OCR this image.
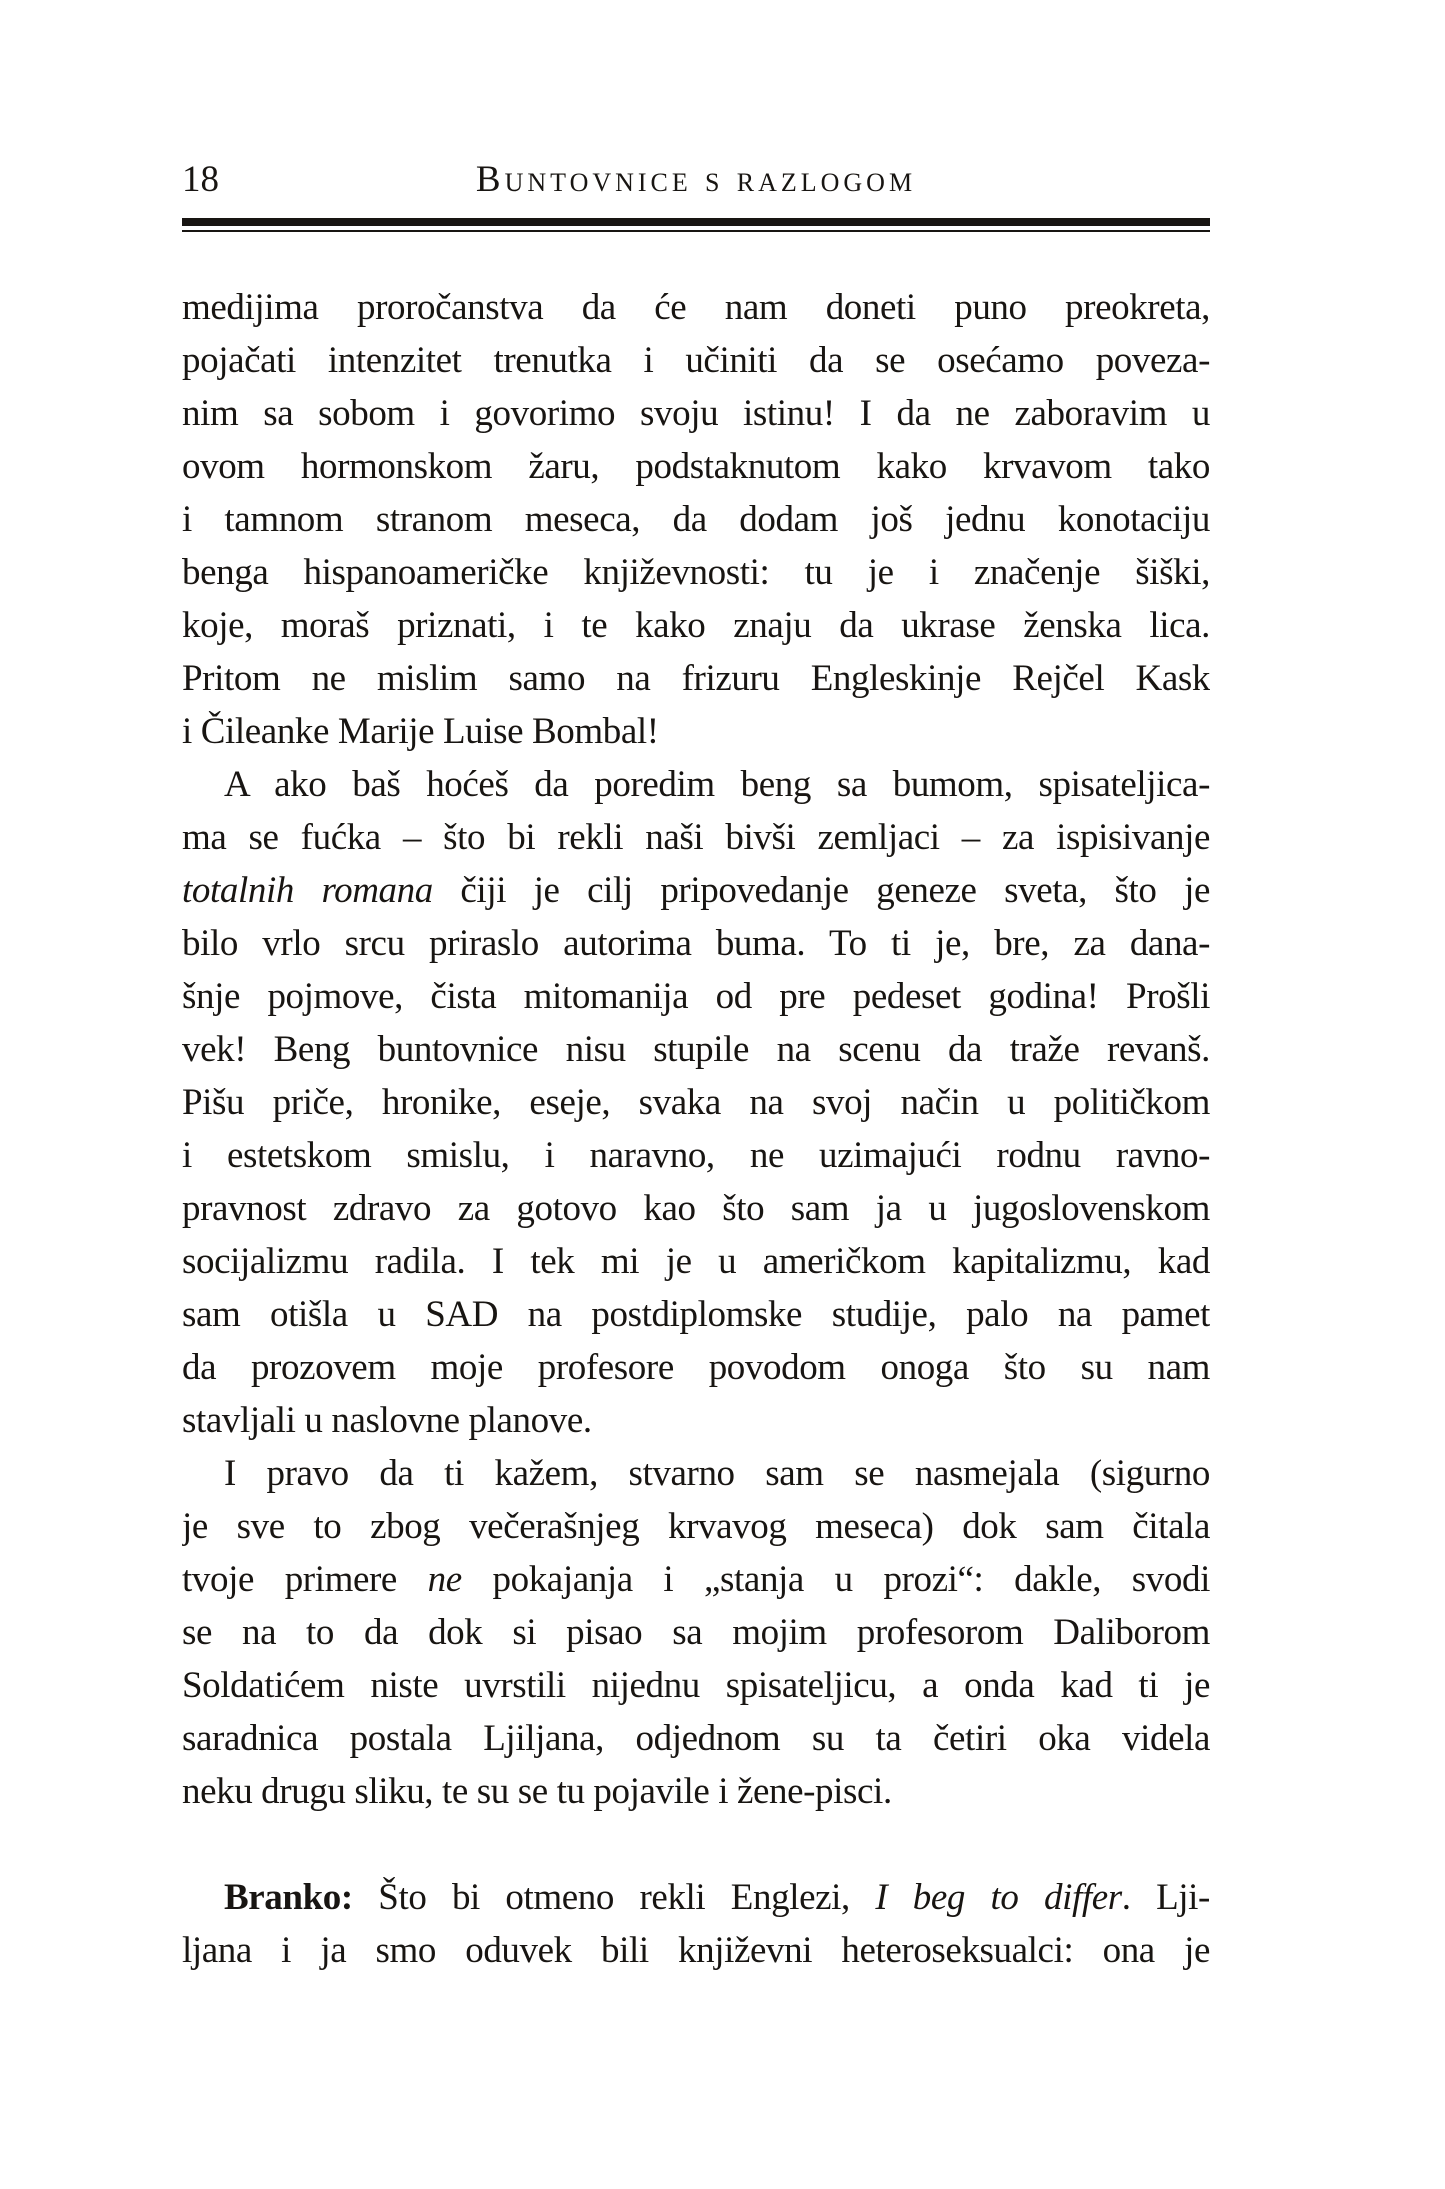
18	Buntovnice s razlogom
medijima proročanstva da će nam doneti puno preokreta,
pojačati intenzitet trenutka i učiniti da se osećamo poveza-
nim sa sobom i govorimo svoju istinu! I da ne zaboravim u
ovom hormonskom žaru, podstaknutom kako krvavom tako
i tamnom stranom meseca, da dodam još jednu konotaciju
benga hispanoameričke književnosti: tu je i značenje šiški,
koje, moraš priznati, i te kako znaju da ukrase ženska lica.
Pritom ne mislim samo na frizuru Engleskinje Rejčel Kask
i Čileanke Marije Luise Bombal!
A ako baš hoćeš da poredim beng sa bumom, spisateljica-
ma se fućka – što bi rekli naši bivši zemljaci – za ispisivanje
totalnih romana čiji je cilj pripovedanje geneze sveta, što je
bilo vrlo srcu priraslo autorima buma. To ti je, bre, za dana-
šnje pojmove, čista mitomanija od pre pedeset godina! Prošli
vek! Beng buntovnice nisu stupile na scenu da traže revanš.
Pišu priče, hronike, eseje, svaka na svoj način u političkom
i estetskom smislu, i naravno, ne uzimajući rodnu ravno-
pravnost zdravo za gotovo kao što sam ja u jugoslovenskom
socijalizmu radila. I tek mi je u američkom kapitalizmu, kad
sam otišla u SAD na postdiplomske studije, palo na pamet
da prozovem moje profesore povodom onoga što su nam
stavljali u naslovne planove.
I pravo da ti kažem, stvarno sam se nasmejala (sigurno
je sve to zbog večerašnjeg krvavog meseca) dok sam čitala
tvoje primere ne pokajanja i „stanja u prozi“: dakle, svodi
se na to da dok si pisao sa mojim profesorom Daliborom
Soldatićem niste uvrstili nijednu spisateljicu, a onda kad ti je
saradnica postala Ljiljana, odjednom su ta četiri oka videla
neku drugu sliku, te su se tu pojavile i žene-pisci.
Branko: Što bi otmeno rekli Englezi, I beg to differ. Lji-
ljana i ja smo oduvek bili književni heteroseksualci: ona je
